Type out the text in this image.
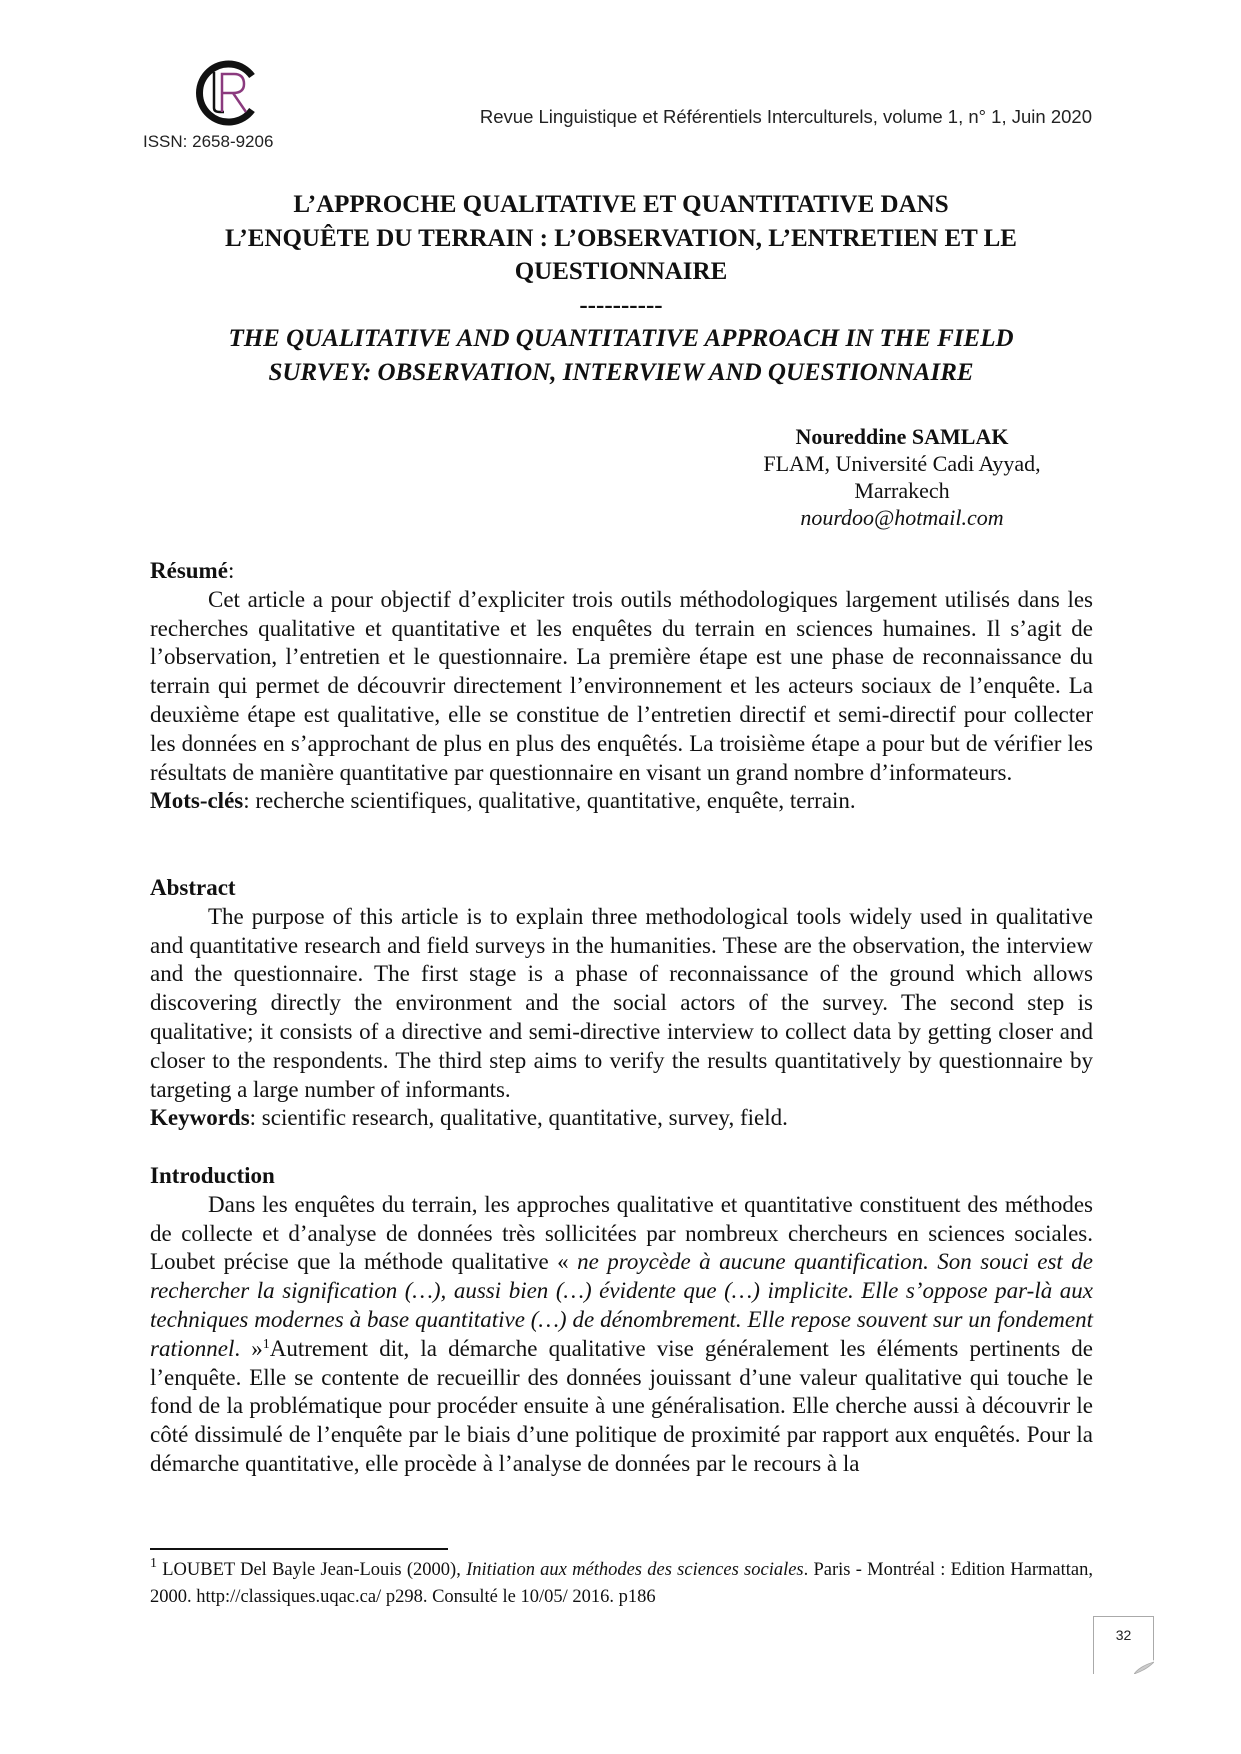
ISSN: 2658-9206
Revue Linguistique et Référentiels Interculturels, volume 1, n° 1, Juin 2020
L’APPROCHE QUALITATIVE ET QUANTITATIVE DANS
L’ENQUÊTE DU TERRAIN : L’OBSERVATION, L’ENTRETIEN ET LE
QUESTIONNAIRE
----------
THE QUALITATIVE AND QUANTITATIVE APPROACH IN THE FIELD
SURVEY: OBSERVATION, INTERVIEW AND QUESTIONNAIRE
Noureddine SAMLAK
FLAM, Université Cadi Ayyad,
Marrakech
nourdoo@hotmail.com
Résumé:

Cet article a pour objectif d’expliciter trois outils méthodologiques largement utilisés dans les recherches qualitative et quantitative et les enquêtes du terrain en sciences humaines. Il s’agit de l’observation, l’entretien et le questionnaire. La première étape est une phase de reconnaissance du terrain qui permet de découvrir directement l’environnement et les acteurs sociaux de l’enquête. La deuxième étape est qualitative, elle se constitue de l’entretien directif et semi-directif pour collecter les données en s’approchant de plus en plus des enquêtés. La troisième étape a pour but de vérifier les résultats de manière quantitative par questionnaire en visant un grand nombre d’informateurs.

Mots-clés: recherche scientifiques, qualitative, quantitative, enquête, terrain.
Abstract

The purpose of this article is to explain three methodological tools widely used in qualitative and quantitative research and field surveys in the humanities. These are the observation, the interview and the questionnaire. The first stage is a phase of reconnaissance of the ground which allows discovering directly the environment and the social actors of the survey. The second step is qualitative; it consists of a directive and semi-directive interview to collect data by getting closer and closer to the respondents. The third step aims to verify the results quantitatively by questionnaire by targeting a large number of informants.

Keywords: scientific research, qualitative, quantitative, survey, field.
Introduction

Dans les enquêtes du terrain, les approches qualitative et quantitative constituent des méthodes de collecte et d’analyse de données très sollicitées par nombreux chercheurs en sciences sociales. Loubet précise que la méthode qualitative « ne proycède à aucune quantification. Son souci est de rechercher la signification (…), aussi bien (…) évidente que (…) implicite. Elle s’oppose par-là aux techniques modernes à base quantitative (…) de dénombrement. Elle repose souvent sur un fondement rationnel. »$^1$Autrement dit, la démarche qualitative vise généralement les éléments pertinents de l’enquête. Elle se contente de recueillir des données jouissant d’une valeur qualitative qui touche le fond de la problématique pour procéder ensuite à une généralisation. Elle cherche aussi à découvrir le côté dissimulé de l’enquête par le biais d’une politique de proximité par rapport aux enquêtés. Pour la démarche quantitative, elle procède à l’analyse de données par le recours à la

$^1$ LOUBET Del Bayle Jean-Louis (2000), Initiation aux méthodes des sciences sociales. Paris - Montréal : Edition Harmattan, 2000. http://classiques.uqac.ca/ p298. Consulté le 10/05/ 2016. p186
32
